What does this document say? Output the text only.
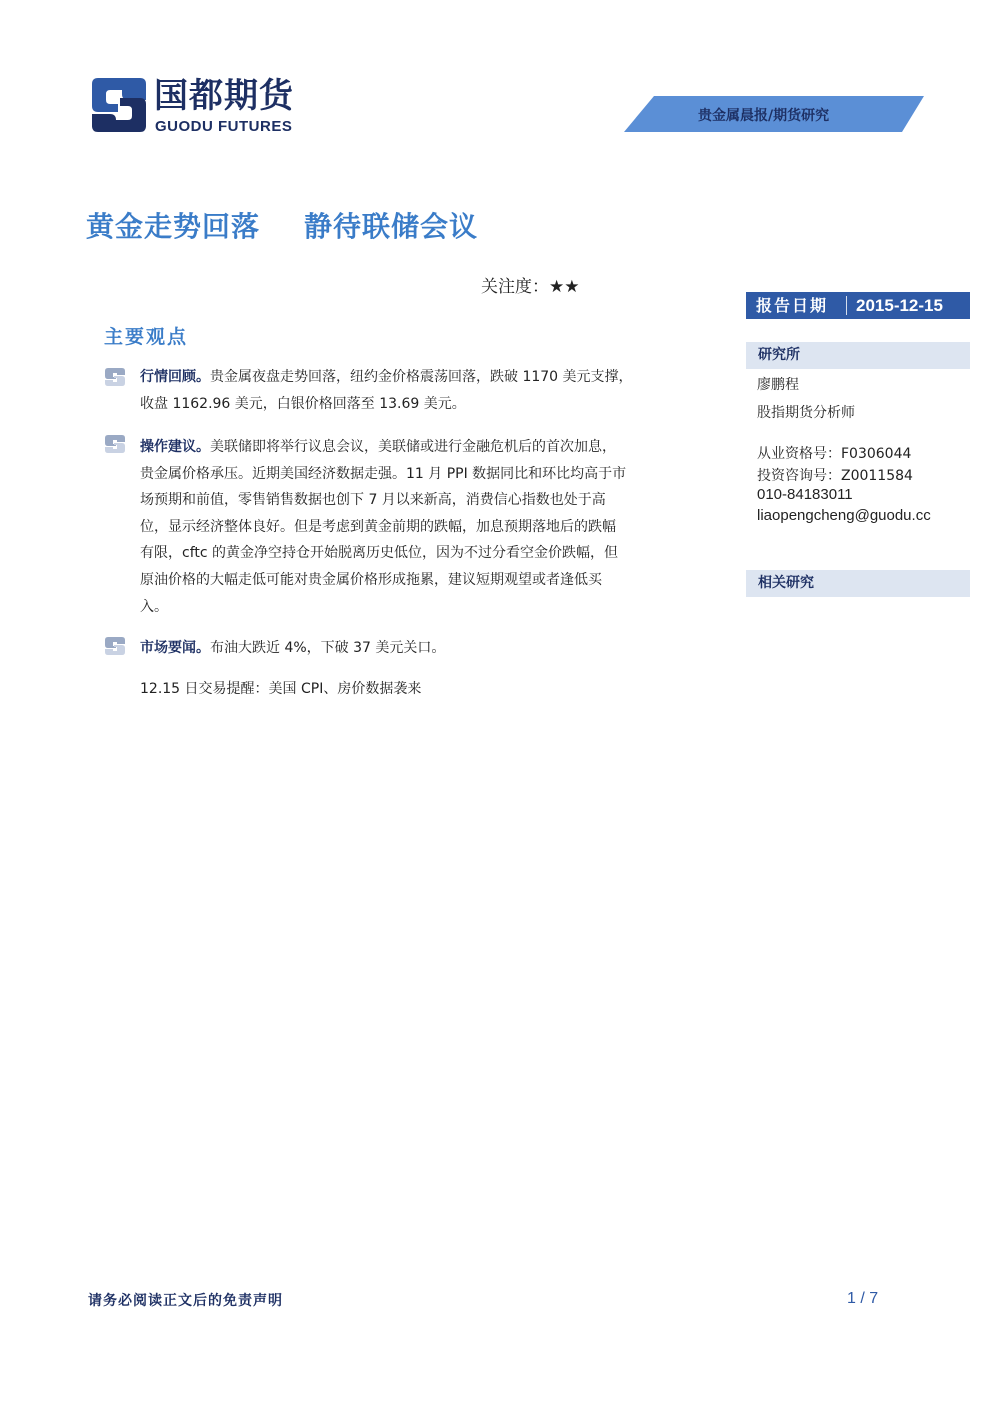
国都期货
GUODU FUTURES
贵金属晨报/期货研究
黄金走势回落 静待联储会议
关注度：★★
主要观点
行情回顾。贵金属夜盘走势回落，纽约金价格震荡回落，跌破 1170 美元支撑，
收盘 1162.96 美元，白银价格回落至 13.69 美元。
操作建议。美联储即将举行议息会议，美联储或进行金融危机后的首次加息，
贵金属价格承压。近期美国经济数据走强。11 月 PPI 数据同比和环比均高于市
场预期和前值，零售销售数据也创下 7 月以来新高，消费信心指数也处于高
位，显示经济整体良好。但是考虑到黄金前期的跌幅，加息预期落地后的跌幅
有限，cftc 的黄金净空持仓开始脱离历史低位，因为不过分看空金价跌幅，但
原油价格的大幅走低可能对贵金属价格形成拖累，建议短期观望或者逢低买
入。
市场要闻。布油大跌近 4%，下破 37 美元关口。
12.15 日交易提醒：美国 CPI、房价数据袭来
报告日期 2015-12-15
研究所
廖鹏程
股指期货分析师
从业资格号：F0306044
投资咨询号：Z0011584
010-84183011
liaopengcheng@guodu.cc
相关研究
请务必阅读正文后的免责声明	1 / 7
